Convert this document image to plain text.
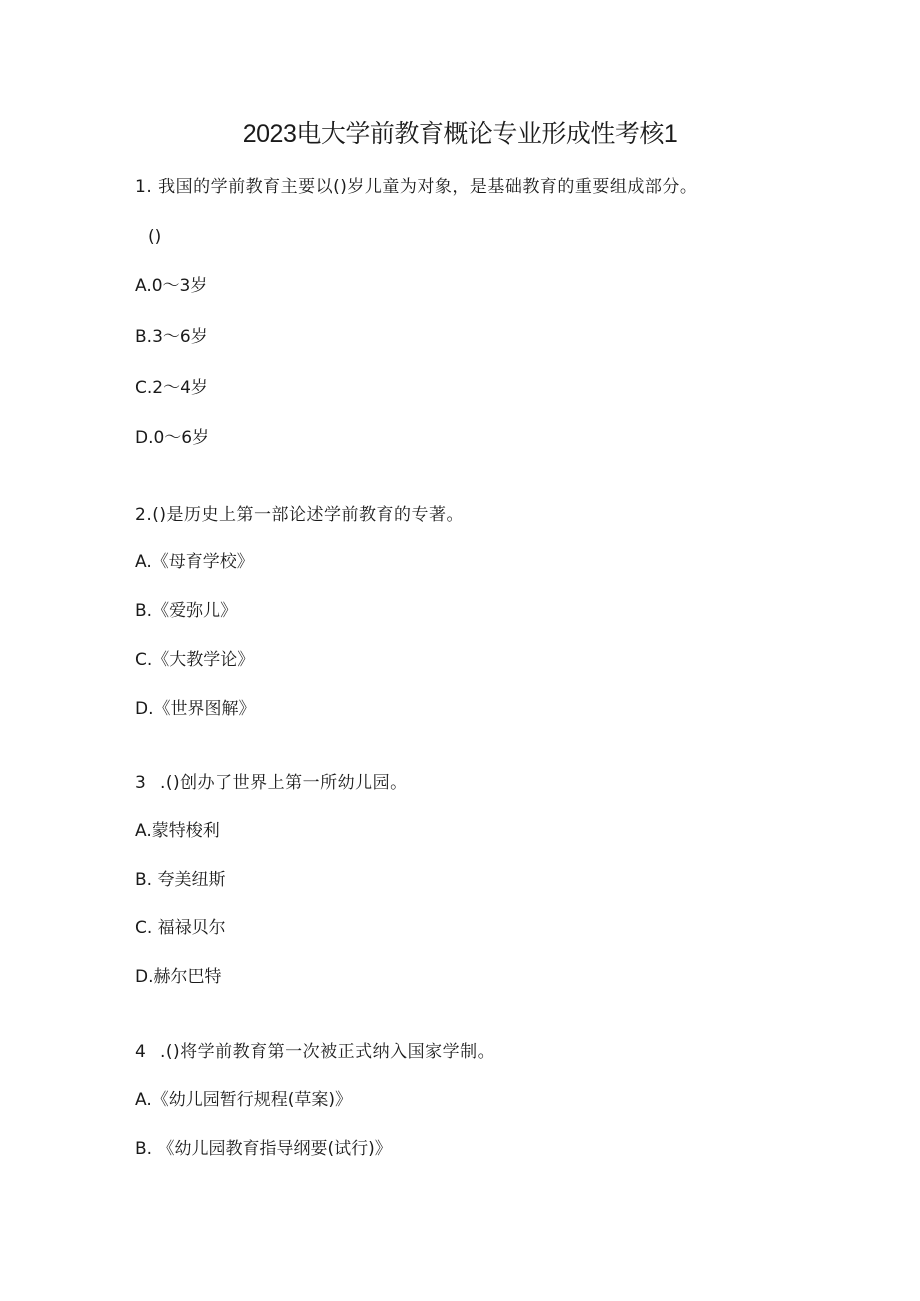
2023电大学前教育概论专业形成性考核1
1. 我国的学前教育主要以()岁儿童为对象，是基础教育的重要组成部分。
()
A.0～3岁
B.3～6岁
C.2～4岁
D.0～6岁
2.()是历史上第一部论述学前教育的专著。
A.《母育学校》
B.《爱弥儿》
C.《大教学论》
D.《世界图解》
3 .()创办了世界上第一所幼儿园。
A.蒙特梭利
B. 夸美纽斯
C. 福禄贝尔
D.赫尔巴特
4 .()将学前教育第一次被正式纳入国家学制。
A.《幼儿园暂行规程(草案)》
B. 《幼儿园教育指导纲要(试行)》
